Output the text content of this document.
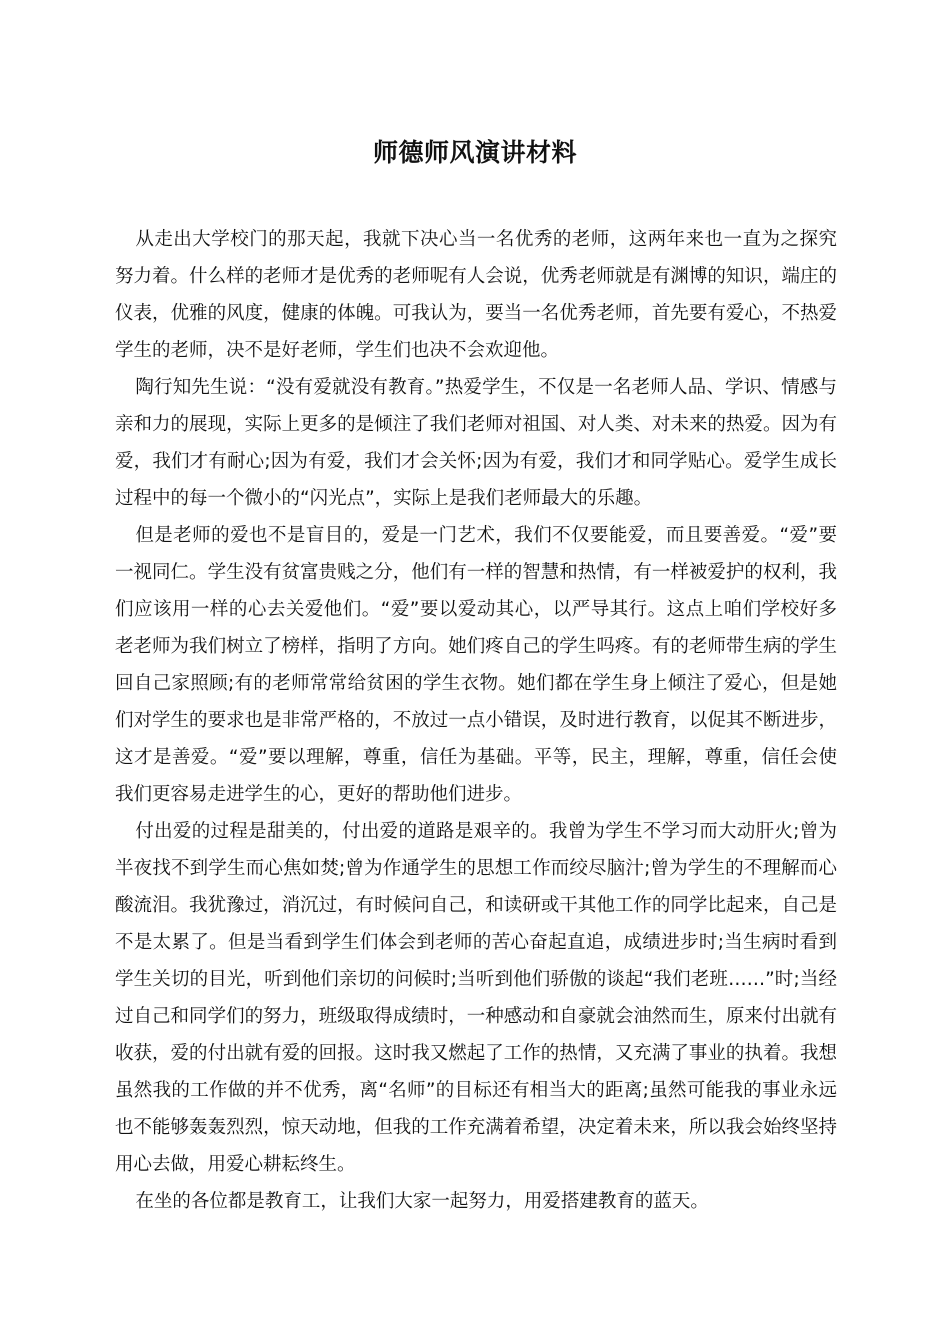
师德师风演讲材料

从走出大学校门的那天起，我就下决心当一名优秀的老师，这两年来也一直为之探究努力着。什么样的老师才是优秀的老师呢有人会说，优秀老师就是有渊博的知识，端庄的仪表，优雅的风度，健康的体魄。可我认为，要当一名优秀老师，首先要有爱心，不热爱学生的老师，决不是好老师，学生们也决不会欢迎他。

陶行知先生说：“没有爱就没有教育。”热爱学生，不仅是一名老师人品、学识、情感与亲和力的展现，实际上更多的是倾注了我们老师对祖国、对人类、对未来的热爱。因为有爱，我们才有耐心;因为有爱，我们才会关怀;因为有爱，我们才和同学贴心。爱学生成长过程中的每一个微小的“闪光点”，实际上是我们老师最大的乐趣。

但是老师的爱也不是盲目的，爱是一门艺术，我们不仅要能爱，而且要善爱。“爱”要一视同仁。学生没有贫富贵贱之分，他们有一样的智慧和热情，有一样被爱护的权利，我们应该用一样的心去关爱他们。“爱”要以爱动其心，以严导其行。这点上咱们学校好多老老师为我们树立了榜样，指明了方向。她们疼自己的学生吗疼。有的老师带生病的学生回自己家照顾;有的老师常常给贫困的学生衣物。她们都在学生身上倾注了爱心，但是她们对学生的要求也是非常严格的，不放过一点小错误，及时进行教育，以促其不断进步，这才是善爱。“爱”要以理解，尊重，信任为基础。平等，民主，理解，尊重，信任会使我们更容易走进学生的心，更好的帮助他们进步。

付出爱的过程是甜美的，付出爱的道路是艰辛的。我曾为学生不学习而大动肝火;曾为半夜找不到学生而心焦如焚;曾为作通学生的思想工作而绞尽脑汁;曾为学生的不理解而心酸流泪。我犹豫过，消沉过，有时候问自己，和读研或干其他工作的同学比起来，自己是不是太累了。但是当看到学生们体会到老师的苦心奋起直追，成绩进步时;当生病时看到学生关切的目光，听到他们亲切的问候时;当听到他们骄傲的谈起“我们老班……”时;当经过自己和同学们的努力，班级取得成绩时，一种感动和自豪就会油然而生，原来付出就有收获，爱的付出就有爱的回报。这时我又燃起了工作的热情，又充满了事业的执着。我想虽然我的工作做的并不优秀，离“名师”的目标还有相当大的距离;虽然可能我的事业永远也不能够轰轰烈烈，惊天动地，但我的工作充满着希望，决定着未来，所以我会始终坚持用心去做，用爱心耕耘终生。

在坐的各位都是教育工，让我们大家一起努力，用爱搭建教育的蓝天。
